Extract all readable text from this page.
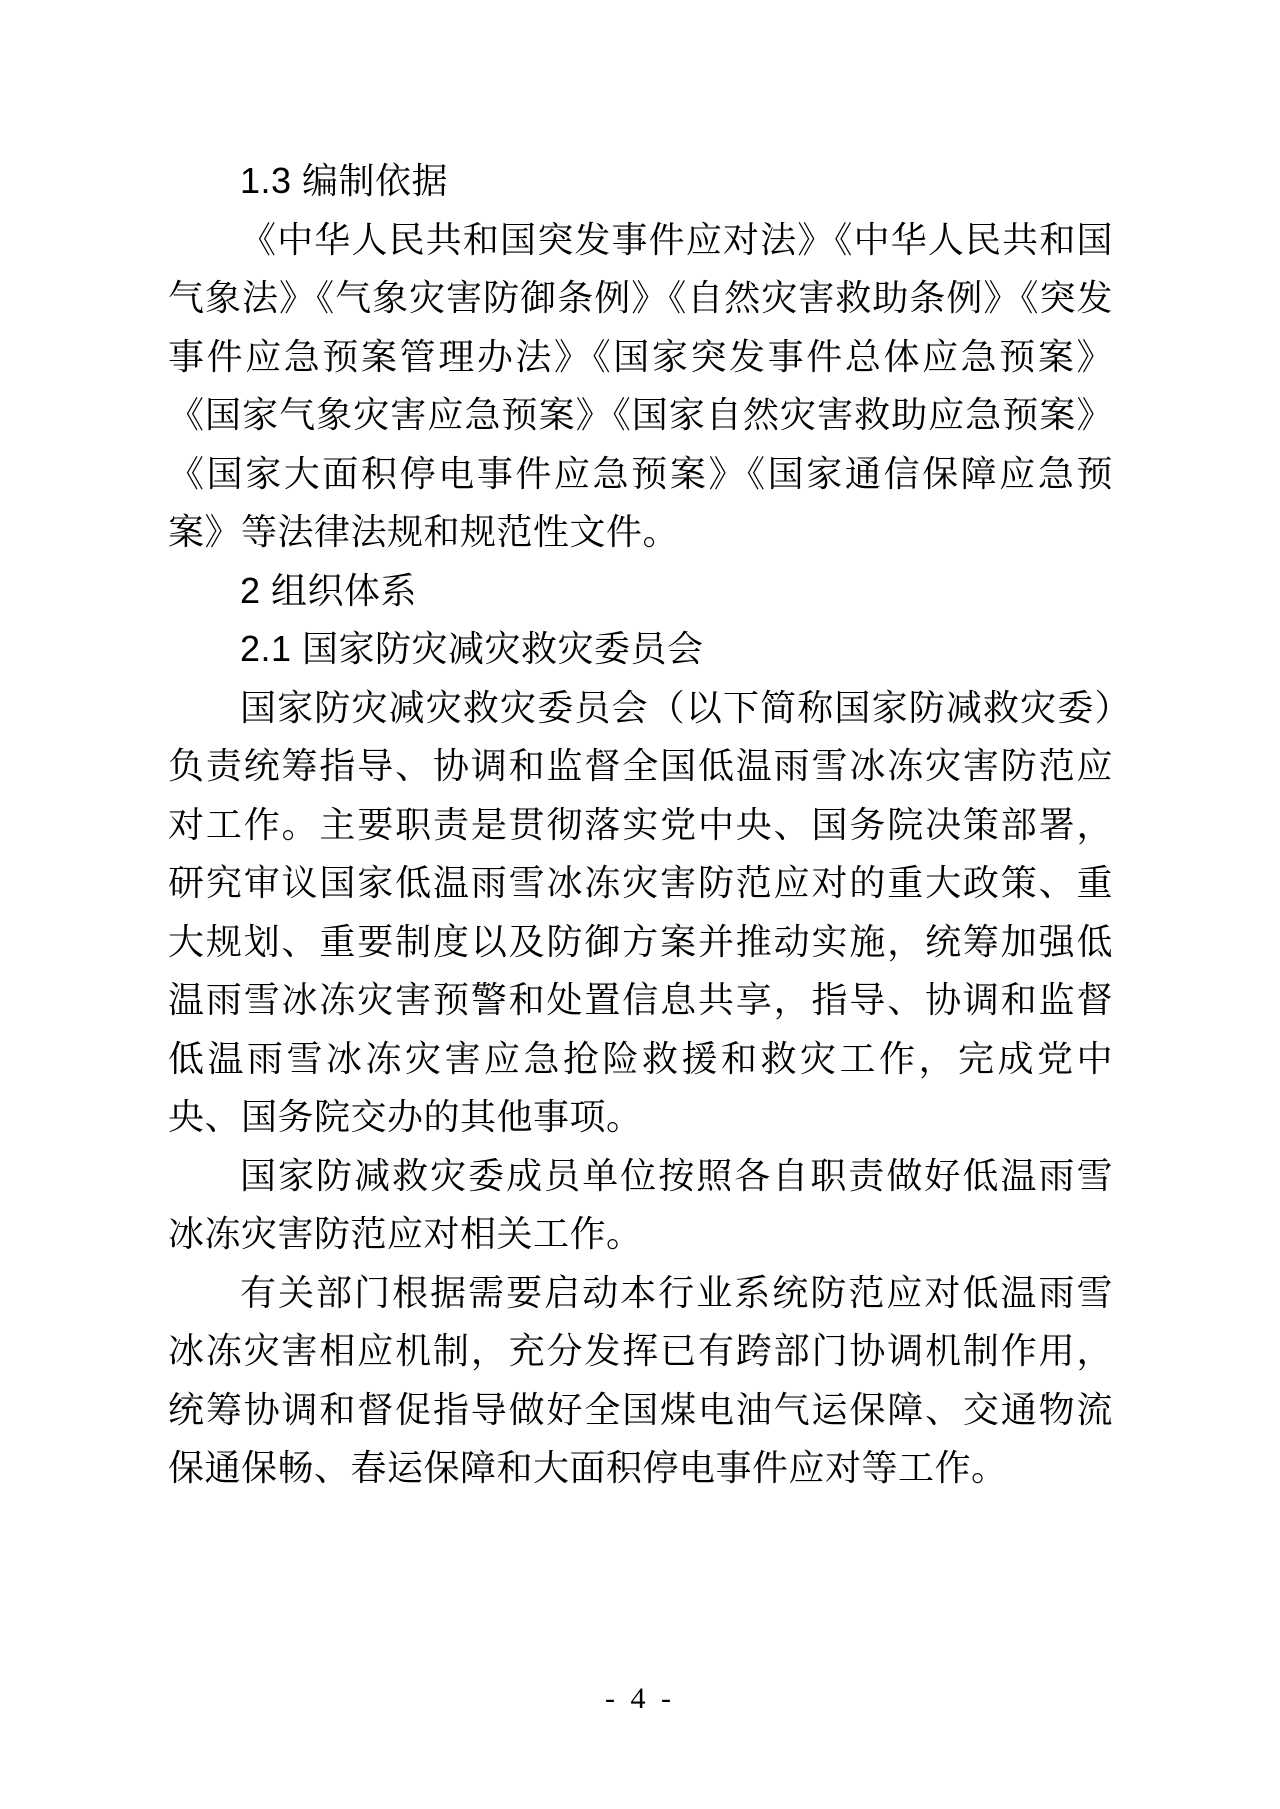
1.3 编制依据

《中华人民共和国突发事件应对法》《中华人民共和国气象法》《气象灾害防御条例》《自然灾害救助条例》《突发事件应急预案管理办法》《国家突发事件总体应急预案》《国家气象灾害应急预案》《国家自然灾害救助应急预案》《国家大面积停电事件应急预案》《国家通信保障应急预案》等法律法规和规范性文件。

2 组织体系

2.1 国家防灾减灾救灾委员会

国家防灾减灾救灾委员会（以下简称国家防减救灾委）负责统筹指导、协调和监督全国低温雨雪冰冻灾害防范应对工作。主要职责是贯彻落实党中央、国务院决策部署，研究审议国家低温雨雪冰冻灾害防范应对的重大政策、重大规划、重要制度以及防御方案并推动实施，统筹加强低温雨雪冰冻灾害预警和处置信息共享，指导、协调和监督低温雨雪冰冻灾害应急抢险救援和救灾工作，完成党中央、国务院交办的其他事项。

国家防减救灾委成员单位按照各自职责做好低温雨雪冰冻灾害防范应对相关工作。

有关部门根据需要启动本行业系统防范应对低温雨雪冰冻灾害相应机制，充分发挥已有跨部门协调机制作用，统筹协调和督促指导做好全国煤电油气运保障、交通物流保通保畅、春运保障和大面积停电事件应对等工作。

- 4 -
